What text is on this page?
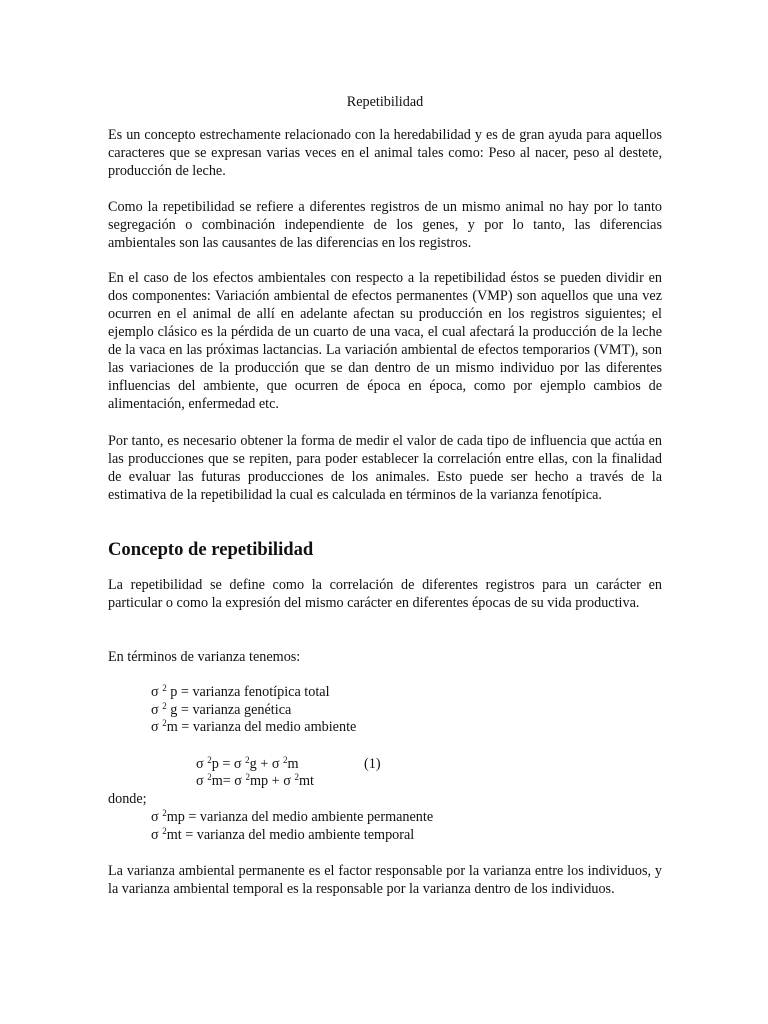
Repetibilidad

Es un concepto estrechamente relacionado con la heredabilidad y es de gran ayuda para aquellos caracteres que se expresan varias veces en el animal tales como: Peso al nacer, peso al destete, producción de leche.

Como la repetibilidad se refiere a diferentes registros de un mismo animal no hay por lo tanto segregación o combinación independiente de los genes, y por lo tanto, las diferencias ambientales son las causantes de las diferencias en los registros.

En el caso de los efectos ambientales con respecto a la repetibilidad éstos se pueden dividir en dos componentes: Variación ambiental de efectos permanentes (VMP) son aquellos que una vez ocurren en el animal de allí en adelante afectan su producción en los registros siguientes; el ejemplo clásico es la pérdida de un cuarto de una vaca, el cual afectará la producción de la leche de la vaca en las próximas lactancias. La variación ambiental de efectos temporarios (VMT), son las variaciones de la producción que se dan dentro de un mismo individuo por las diferentes influencias del ambiente, que ocurren de época en época, como por ejemplo cambios de alimentación, enfermedad etc.

Por tanto, es necesario obtener la forma de medir el valor de cada tipo de influencia que actúa en las producciones que se repiten, para poder establecer la correlación entre ellas, con la finalidad de evaluar las futuras producciones de los animales. Esto puede ser hecho a través de la estimativa de la repetibilidad la cual es calculada en términos de la varianza fenotípica.

Concepto de repetibilidad

La repetibilidad se define como la correlación de diferentes registros para un carácter en particular o como la expresión del mismo carácter en diferentes épocas de su vida productiva.

En términos de varianza tenemos:

σ $^2$ p = varianza fenotípica total
σ $^2$ g = varianza genética
σ $^2$m = varianza del medio ambiente
σ $^2$p = σ $^2$g + σ $^2$m	(1)
σ $^2$m= σ $^2$mp + σ $^2$mt
donde;
σ $^2$mp = varianza del medio ambiente permanente
σ $^2$mt = varianza del medio ambiente temporal

La varianza ambiental permanente es el factor responsable por la varianza entre los individuos, y la varianza ambiental temporal es la responsable por la varianza dentro de los individuos.
